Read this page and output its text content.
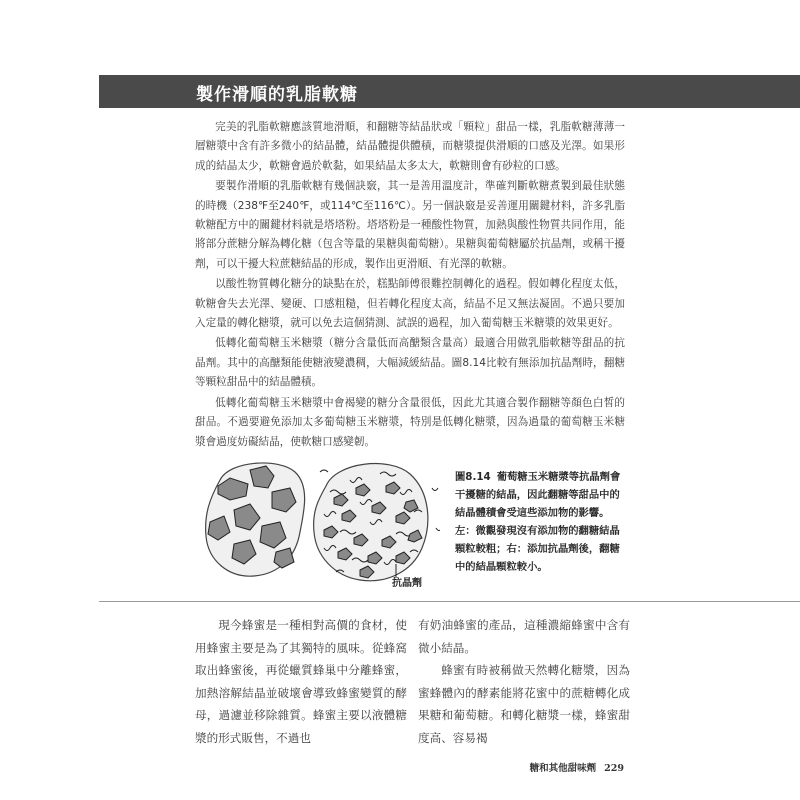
製作滑順的乳脂軟糖

完美的乳脂軟糖應該質地滑順，和翻糖等結晶狀或「顆粒」甜品一樣，乳脂軟糖薄薄一層糖漿中含有許多微小的結晶體，結晶體提供體積，而糖漿提供滑順的口感及光澤。如果形成的結晶太少，軟糖會過於軟黏，如果結晶太多太大，軟糖則會有砂粒的口感。

要製作滑順的乳脂軟糖有幾個訣竅，其一是善用溫度計，準確判斷軟糖煮製到最佳狀態的時機（238℉至240℉，或114℃至116℃）。另一個訣竅是妥善運用關鍵材料，許多乳脂軟糖配方中的關鍵材料就是塔塔粉。塔塔粉是一種酸性物質，加熱與酸性物質共同作用，能將部分蔗糖分解為轉化糖（包含等量的果糖與葡萄糖）。果糖與葡萄糖屬於抗晶劑，或稱干擾劑，可以干擾大粒蔗糖結晶的形成，製作出更滑順、有光澤的軟糖。

以酸性物質轉化糖分的缺點在於，糕點師傅很難控制轉化的過程。假如轉化程度太低，軟糖會失去光澤、變硬、口感粗糙，但若轉化程度太高，結晶不足又無法凝固。不過只要加入定量的轉化糖漿，就可以免去這個猜測、試誤的過程，加入葡萄糖玉米糖漿的效果更好。

低轉化葡萄糖玉米糖漿（糖分含量低而高醣類含量高）最適合用做乳脂軟糖等甜品的抗晶劑。其中的高醣類能使糖液變濃稠，大幅減緩結晶。圖8.14比較有無添加抗晶劑時，翻糖等顆粒甜品中的結晶體積。

低轉化葡萄糖玉米糖漿中會褐變的糖分含量很低，因此尤其適合製作翻糖等顏色白皙的甜品。不過要避免添加太多葡萄糖玉米糖漿，特別是低轉化糖漿，因為過量的葡萄糖玉米糖漿會過度妨礙結晶，使軟糖口感變韌。

抗晶劑
圖8.14 葡萄糖玉米糖漿等抗晶劑會干擾糖的結晶，因此翻糖等甜品中的結晶體積會受這些添加物的影響。左：微觀發現沒有添加物的翻糖結晶顆粒較粗；右：添加抗晶劑後，翻糖中的結晶顆粒較小。

現今蜂蜜是一種相對高價的食材，使用蜂蜜主要是為了其獨特的風味。從蜂窩取出蜂蜜後，再從蠟質蜂巢中分離蜂蜜，加熱溶解結晶並破壞會導致蜂蜜變質的酵母，過濾並移除雜質。蜂蜜主要以液體糖漿的形式販售，不過也

有奶油蜂蜜的產品，這種濃縮蜂蜜中含有微小結晶。

蜂蜜有時被稱做天然轉化糖漿，因為蜜蜂體內的酵素能將花蜜中的蔗糖轉化成果糖和葡萄糖。和轉化糖漿一樣，蜂蜜甜度高、容易褐

糖和其他甜味劑 229
